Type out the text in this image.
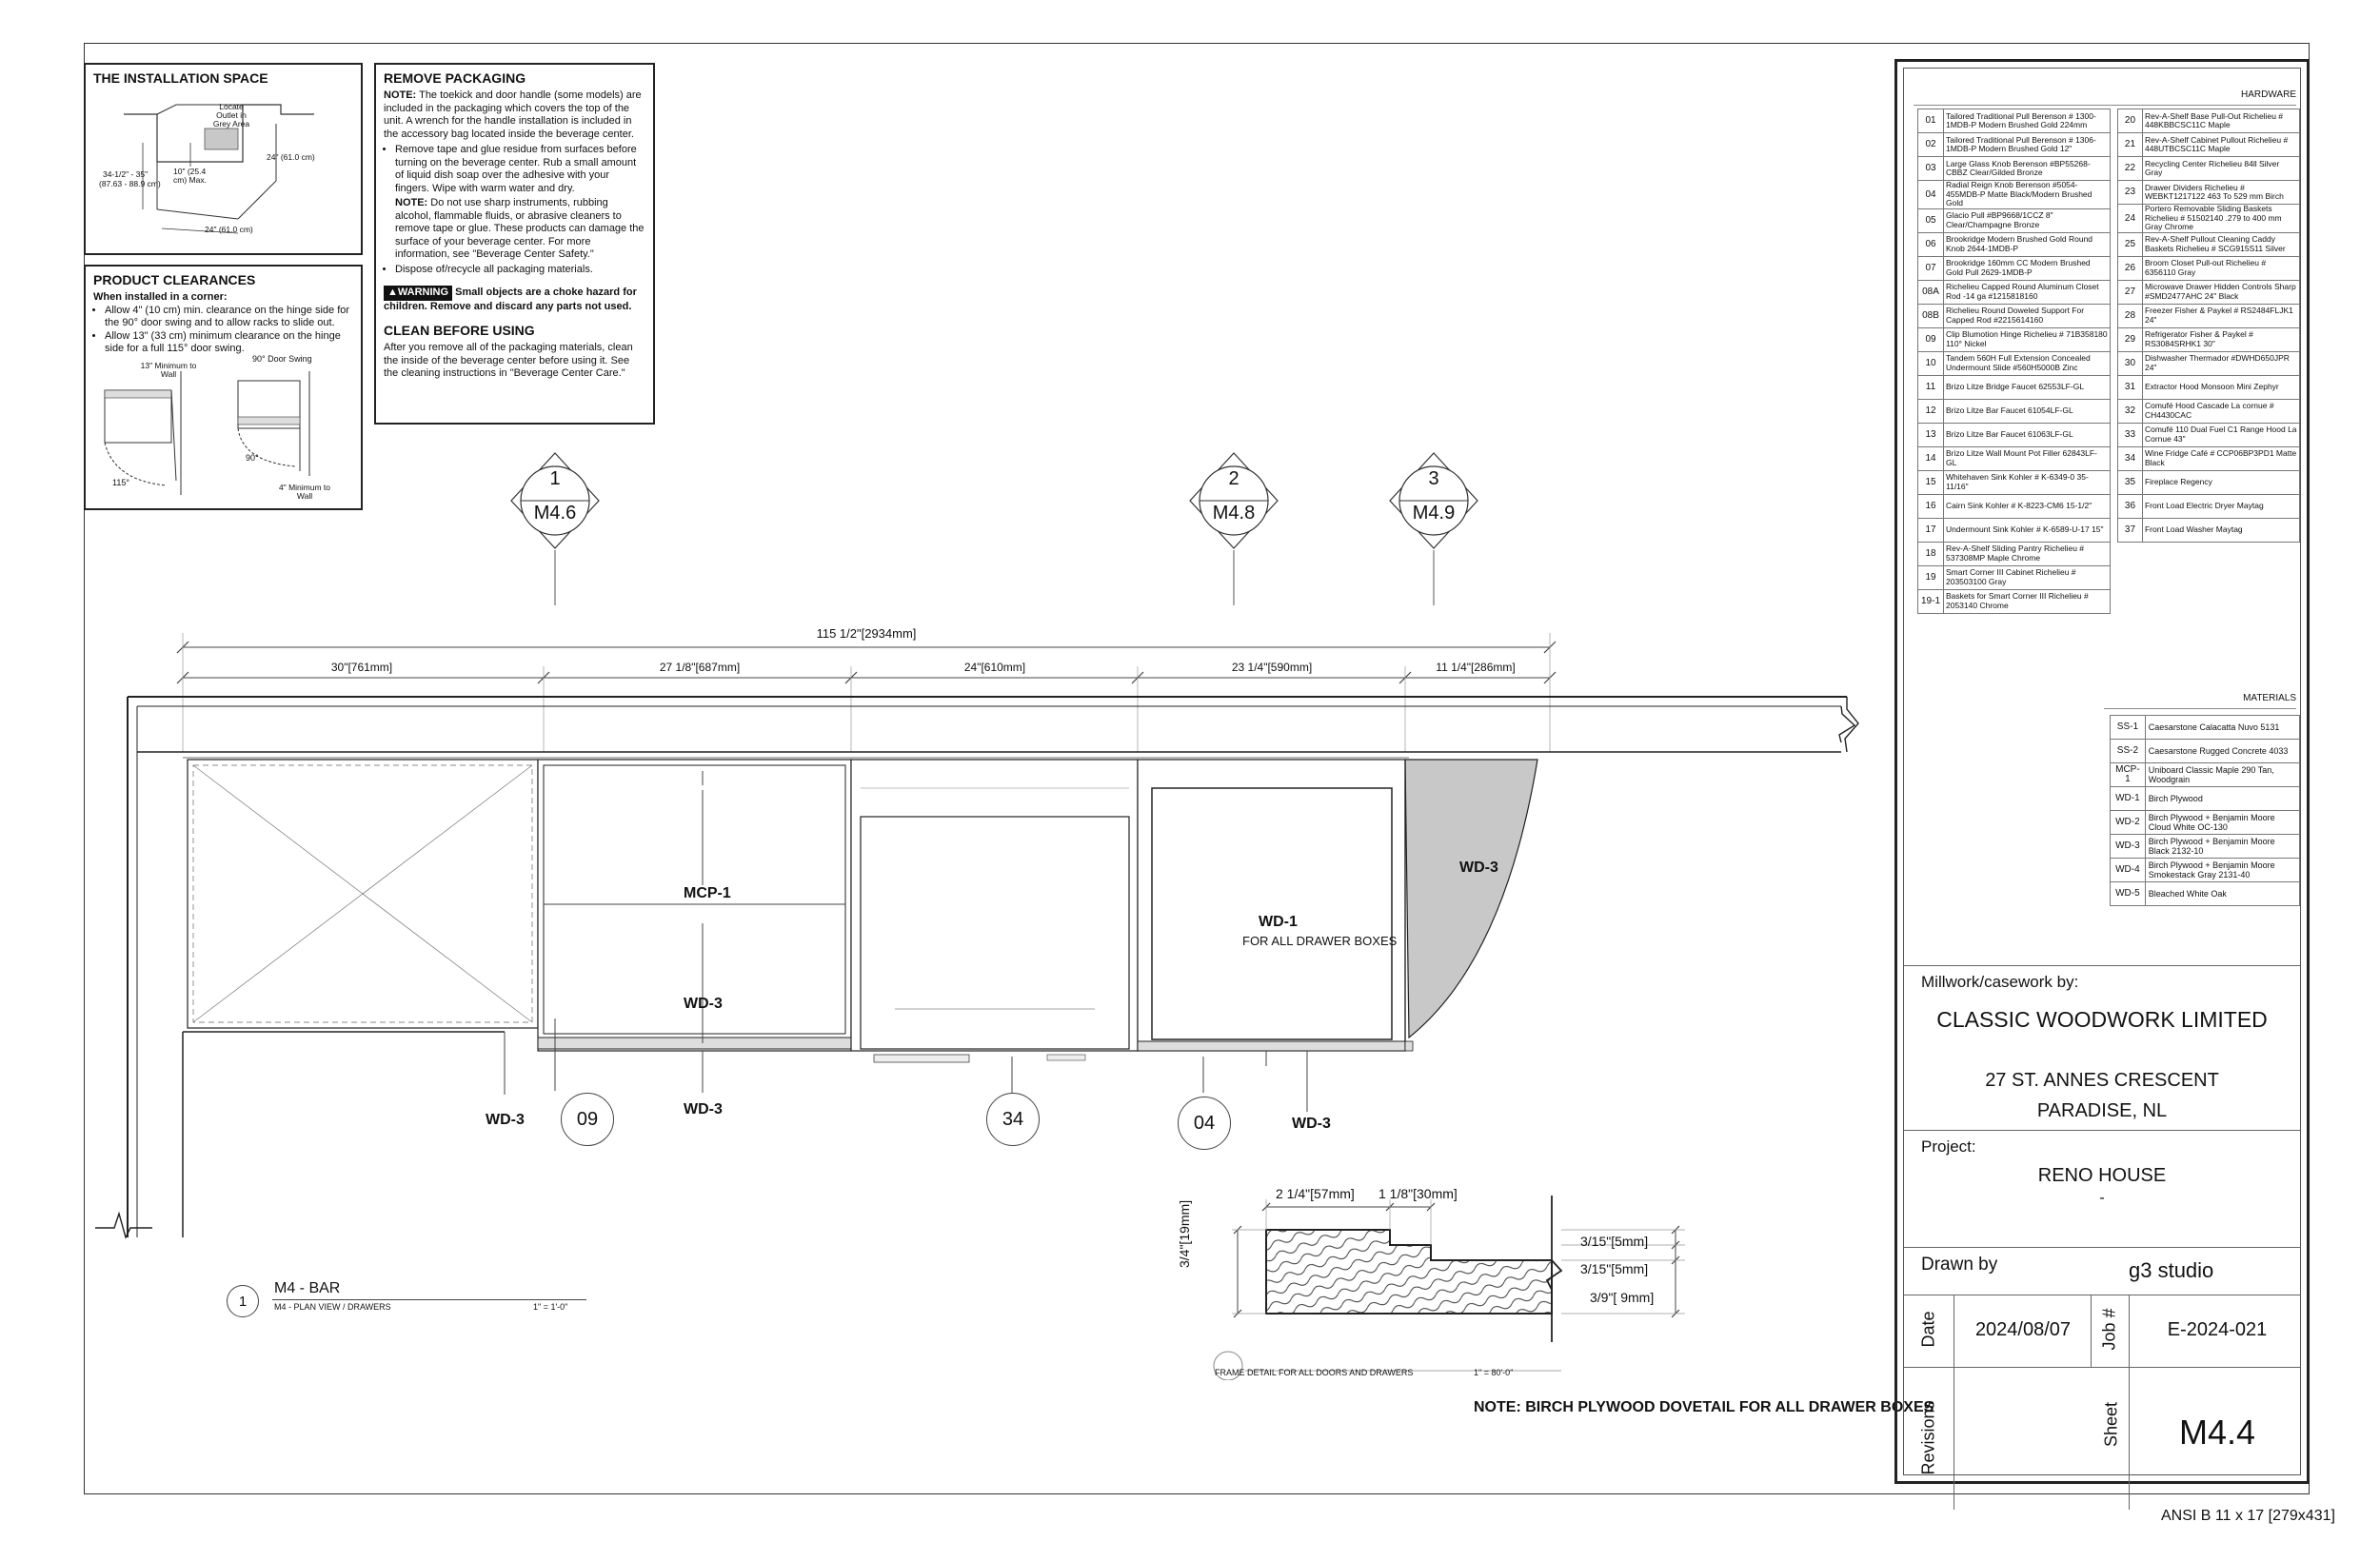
THE INSTALLATION SPACE
Locate Outlet in Grey Area
34-1/2" - 35"
(87.63 - 88.9 cm)
10" (25.4 cm) Max.
24" (61.0 cm)
24" (61.0 cm)
PRODUCT CLEARANCES
When installed in a corner:
• Allow 4" (10 cm) min. clearance on the hinge side for the 90° door swing and to allow racks to slide out.
• Allow 13" (33 cm) minimum clearance on the hinge side for a full 115° door swing.
13" Minimum to Wall
90° Door Swing
115°
90°
4" Minimum to Wall
REMOVE PACKAGING
NOTE: The toekick and door handle (some models) are included in the packaging which covers the top of the unit. A wrench for the handle installation is included in the accessory bag located inside the beverage center.
• Remove tape and glue residue from surfaces before turning on the beverage center. Rub a small amount of liquid dish soap over the adhesive with your fingers. Wipe with warm water and dry.
NOTE: Do not use sharp instruments, rubbing alcohol, flammable fluids, or abrasive cleaners to remove tape or glue. These products can damage the surface of your beverage center. For more information, see "Beverage Center Safety."
• Dispose of/recycle all packaging materials.
▲WARNING Small objects are a choke hazard for children. Remove and discard any parts not used.
CLEAN BEFORE USING
After you remove all of the packaging materials, clean the inside of the beverage center before using it. See the cleaning instructions in "Beverage Center Care."
1
M4.6
2
M4.8
3
M4.9
115 1/2"[2934mm]
30"[761mm]	27 1/8"[687mm]	24"[610mm]	23 1/4"[590mm]	11 1/4"[286mm]
MCP-1
WD-3
WD-3
WD-3	WD-3
WD-3
WD-1
FOR ALL DRAWER BOXES
09	34	04
1
M4 - BAR
M4 - PLAN VIEW / DRAWERS	1" = 1'-0"
2 1/4"[57mm] 1 1/8"[30mm]
3/4"[19mm]	3/15"[5mm]
3/15"[5mm]
3/9"[ 9mm]
FRAME DETAIL FOR ALL DOORS AND DRAWERS	1" = 80'-0"
NOTE: BIRCH PLYWOOD DOVETAIL FOR ALL DRAWER BOXES
HARDWARE
01	Tailored Traditional Pull Berenson # 1300-1MDB-P Modern Brushed Gold 224mm
02	Tailored Traditional Pull Berenson # 1306-1MDB-P Modern Brushed Gold 12"
03	Large Glass Knob Berenson #BP55268-CBBZ Clear/Gilded Bronze
04	Radial Reign Knob Berenson #5054-455MDB-P Matte Black/Modern Brushed Gold
05	Glacio Pull #BP9668/1CCZ 8" Clear/Champagne Bronze
06	Brookridge Modern Brushed Gold Round Knob 2644-1MDB-P
07	Brookridge 160mm CC Modern Brushed Gold Pull 2629-1MDB-P
08A	Richelieu Capped Round Aluminum Closet Rod -14 ga #1215818160
08B	Richelieu Round Doweled Support For Capped Rod #2215614160
09	Clip Blumotion Hinge Richelieu # 71B358180 110° Nickel
10	Tandem 560H Full Extension Concealed Undermount Slide #560H5000B Zinc
11	Brizo Litze Bridge Faucet 62553LF-GL
12	Brizo Litze Bar Faucet 61054LF-GL
13	Brizo Litze Bar Faucet 61063LF-GL
14	Brizo Litze Wall Mount Pot Filler 62843LF-GL
15	Whitehaven Sink Kohler # K-6349-0 35-11/16"
16	Cairn Sink Kohler # K-8223-CM6 15-1/2"
17	Undermount Sink Kohler # K-6589-U-17 15"
18	Rev-A-Shelf Sliding Pantry Richelieu # 537308MP Maple Chrome
19	Smart Corner III Cabinet Richelieu # 203503100 Gray
19-1	Baskets for Smart Corner III Richelieu # 2053140 Chrome
20	Rev-A-Shelf Base Pull-Out Richelieu # 448KBBCSC11C Maple
21	Rev-A-Shelf Cabinet Pullout Richelieu # 448UTBCSC11C Maple
22	Recycling Center Richelieu 84ll Silver Gray
23	Drawer Dividers Richelieu # WEBKT1217122 463 To 529 mm Birch
24	Portero Removable Sliding Baskets Richelieu # 51502140 .279 to 400 mm Gray Chrome
25	Rev-A-Shelf Pullout Cleaning Caddy Baskets Richelieu # SCG915S11 Silver
26	Broom Closet Pull-out Richelieu # 6356110 Gray
27	Microwave Drawer Hidden Controls Sharp #SMD2477AHC 24" Black
28	Freezer Fisher & Paykel # RS2484FLJK1 24"
29	Refrigerator Fisher & Paykel # RS3084SRHK1 30"
30	Dishwasher Thermador #DWHD650JPR 24"
31	Extractor Hood Monsoon Mini Zephyr
32	Comufé Hood Cascade La cornue # CH4430CAC
33	Comufé 110 Dual Fuel C1 Range Hood La Cornue 43"
34	Wine Fridge Café # CCP06BP3PD1 Matte Black
35	Fireplace Regency
36	Front Load Electric Dryer Maytag
37	Front Load Washer Maytag
MATERIALS
SS-1	Caesarstone Calacatta Nuvo 5131
SS-2	Caesarstone Rugged Concrete 4033
MCP-1	Uniboard Classic Maple 290 Tan, Woodgrain
WD-1	Birch Plywood
WD-2	Birch Plywood + Benjamin Moore Cloud White OC-130
WD-3	Birch Plywood + Benjamin Moore Black 2132-10
WD-4	Birch Plywood + Benjamin Moore Smokestack Gray 2131-40
WD-5	Bleached White Oak
Millwork/casework by:
CLASSIC WOODWORK LIMITED
27 ST. ANNES CRESCENT
PARADISE, NL
Project:
RENO HOUSE
-
Drawn by	g3 studio
Date	2024/08/07	Job #	E-2024-021
Revisions	Sheet	M4.4
ANSI B 11 x 17 [279x431]
